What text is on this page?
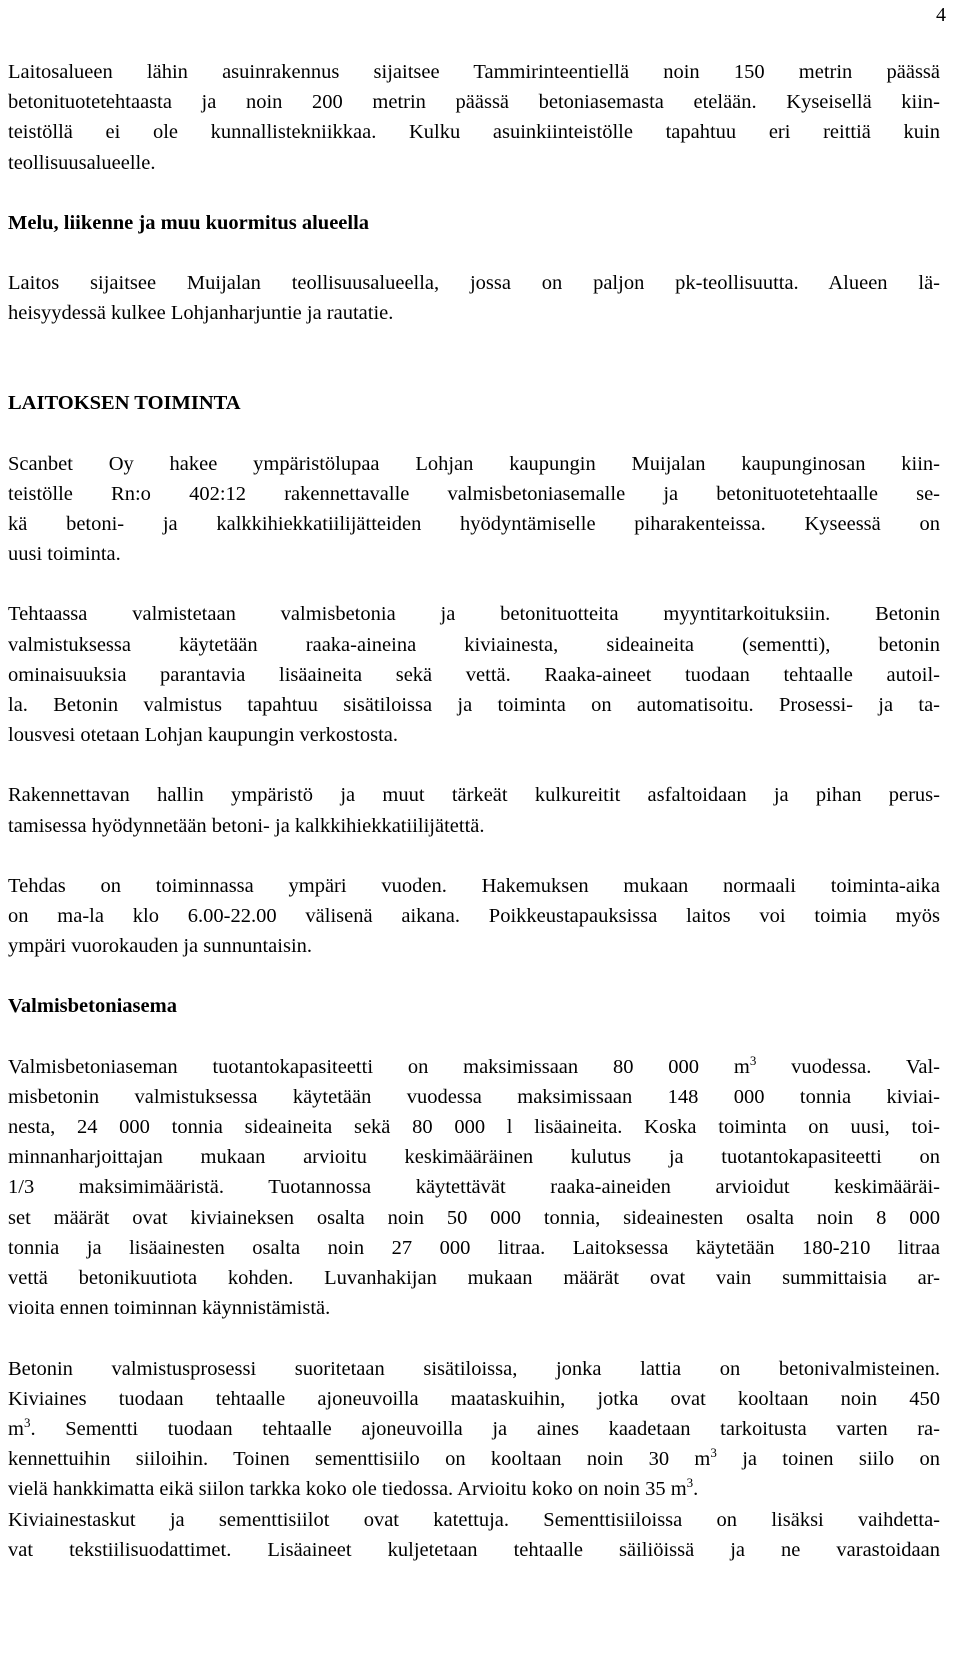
4

Laitosalueen lähin asuinrakennus sijaitsee Tammirinteentiellä noin 150 metrin päässä
betonituotetehtaasta ja noin 200 metrin päässä betoniasemasta etelään. Kyseisellä kiin-
teistöllä ei ole kunnallistekniikkaa. Kulku asuinkiinteistölle tapahtuu eri reittiä kuin
teollisuusalueelle.

Melu, liikenne ja muu kuormitus alueella

Laitos sijaitsee Muijalan teollisuusalueella, jossa on paljon pk-teollisuutta. Alueen lä-
heisyydessä kulkee Lohjanharjuntie ja rautatie.

LAITOKSEN TOIMINTA

Scanbet Oy hakee ympäristölupaa Lohjan kaupungin Muijalan kaupunginosan kiin-
teistölle Rn:o 402:12 rakennettavalle valmisbetoniasemalle ja betonituotetehtaalle se-
kä betoni- ja kalkkihiekkatiilijätteiden hyödyntämiselle piharakenteissa. Kyseessä on
uusi toiminta.

Tehtaassa valmistetaan valmisbetonia ja betonituotteita myyntitarkoituksiin. Betonin
valmistuksessa käytetään raaka-aineina kiviainesta, sideaineita (sementti), betonin
ominaisuuksia parantavia lisäaineita sekä vettä. Raaka-aineet tuodaan tehtaalle autoil-
la. Betonin valmistus tapahtuu sisätiloissa ja toiminta on automatisoitu. Prosessi- ja ta-
lousvesi otetaan Lohjan kaupungin verkostosta.

Rakennettavan hallin ympäristö ja muut tärkeät kulkureitit asfaltoidaan ja pihan perus-
tamisessa hyödynnetään betoni- ja kalkkihiekkatiilijätettä.

Tehdas on toiminnassa ympäri vuoden. Hakemuksen mukaan normaali toiminta-aika
on ma-la klo 6.00-22.00 välisenä aikana. Poikkeustapauksissa laitos voi toimia myös
ympäri vuorokauden ja sunnuntaisin.

Valmisbetoniasema

Valmisbetoniaseman tuotantokapasiteetti on maksimissaan 80 000 $m^3$ vuodessa. Val-
misbetonin valmistuksessa käytetään vuodessa maksimissaan 148 000 tonnia kiviai-
nesta, 24 000 tonnia sideaineita sekä 80 000 l lisäaineita. Koska toiminta on uusi, toi-
minnanharjoittajan mukaan arvioitu keskimääräinen kulutus ja tuotantokapasiteetti on
1/3 maksimimääristä. Tuotannossa käytettävät raaka-aineiden arvioidut keskimääräi-
set määrät ovat kiviaineksen osalta noin 50 000 tonnia, sideainesten osalta noin 8 000
tonnia ja lisäainesten osalta noin 27 000 litraa. Laitoksessa käytetään 180-210 litraa
vettä betonikuutiota kohden. Luvanhakijan mukaan määrät ovat vain summittaisia ar-
vioita ennen toiminnan käynnistämistä.

Betonin valmistusprosessi suoritetaan sisätiloissa, jonka lattia on betonivalmisteinen.
Kiviaines tuodaan tehtaalle ajoneuvoilla maataskuihin, jotka ovat kooltaan noin 450
$m^3$. Sementti tuodaan tehtaalle ajoneuvoilla ja aines kaadetaan tarkoitusta varten ra-
kennettuihin siiloihin. Toinen sementtisiilo on kooltaan noin 30 $m^3$ ja toinen siilo on
vielä hankkimatta eikä siilon tarkka koko ole tiedossa. Arvioitu koko on noin 35 $m^3$.
Kiviainestaskut ja sementtisiilot ovat katettuja. Sementtisiiloissa on lisäksi vaihdetta-
vat tekstiilisuodattimet. Lisäaineet kuljetetaan tehtaalle säiliöissä ja ne varastoidaan
